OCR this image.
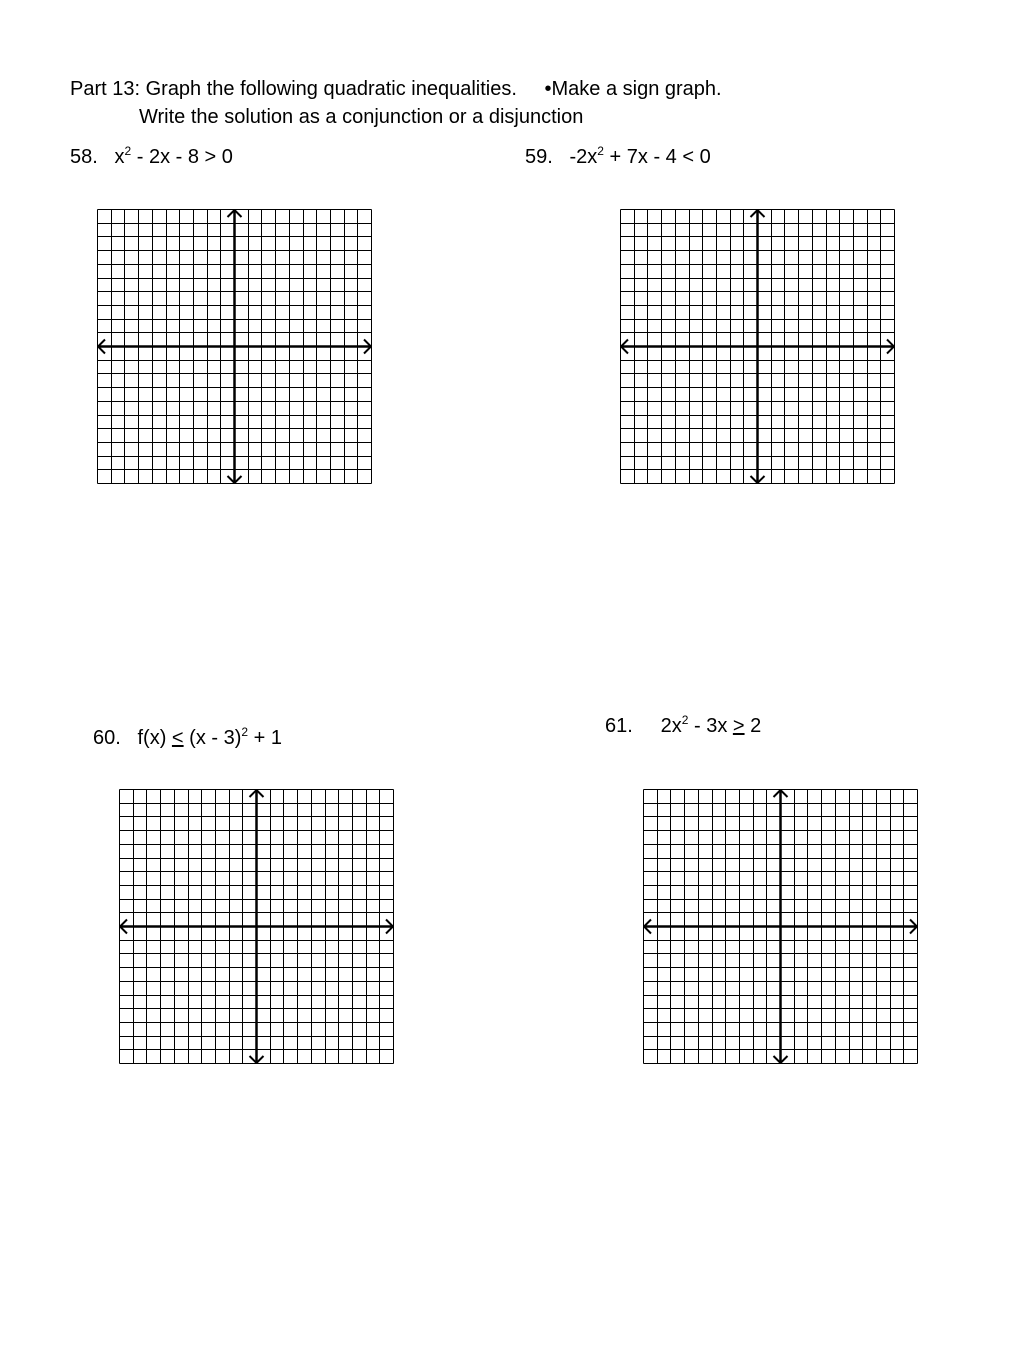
Part 13: Graph the following quadratic inequalities. •Make a sign graph.
Write the solution as a conjunction or a disjunction
58. $x^2 - 2x - 8 > 0$	59. $-2x^2 + 7x - 4 < 0$
60. f(x) < (x - 3)$^2$ + 1
61. $2x^2 - 3x \ge 2$
